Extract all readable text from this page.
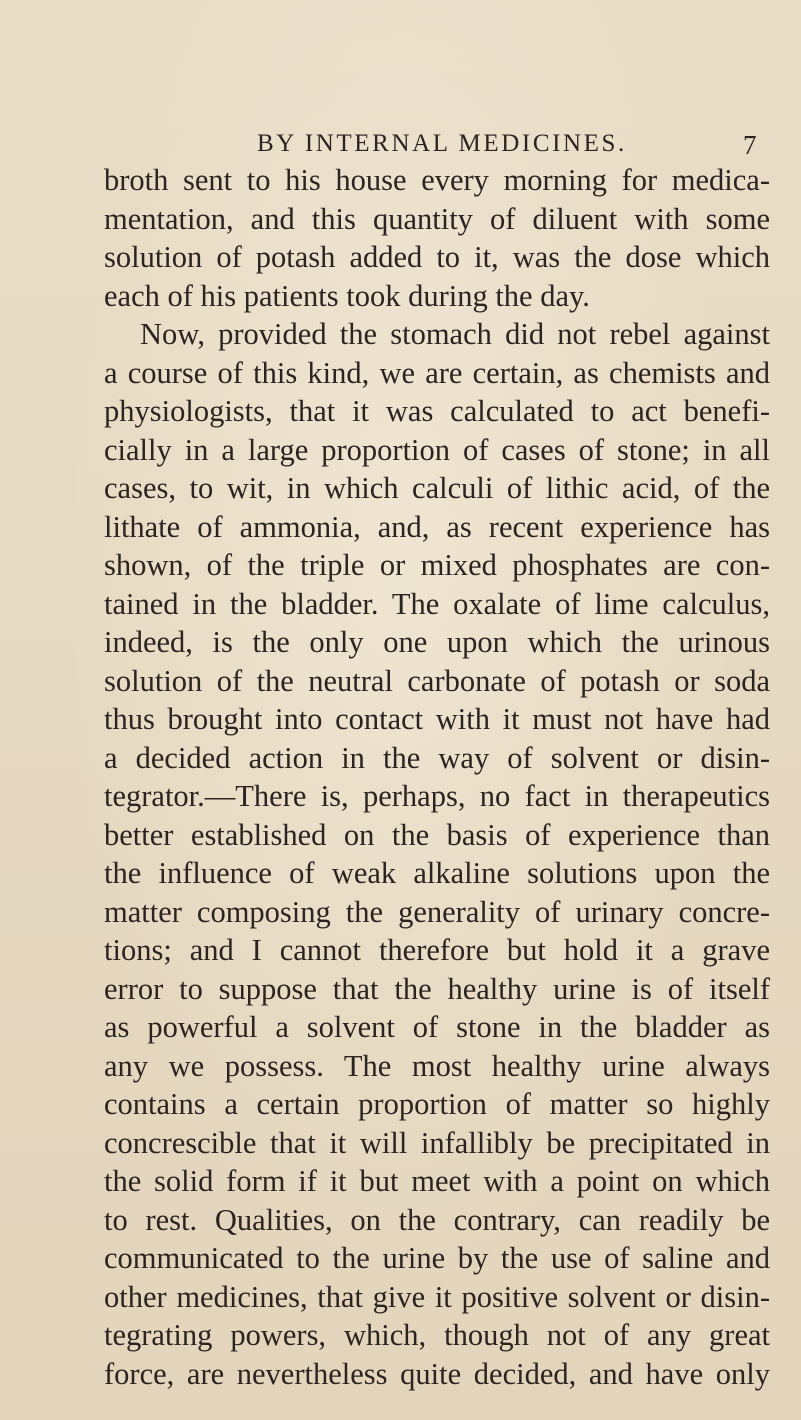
BY INTERNAL MEDICINES.	7
broth sent to his house every morning for medica-
mentation, and this quantity of diluent with some
solution of potash added to it, was the dose which
each of his patients took during the day.
Now, provided the stomach did not rebel against
a course of this kind, we are certain, as chemists and
physiologists, that it was calculated to act benefi-
cially in a large proportion of cases of stone; in all
cases, to wit, in which calculi of lithic acid, of the
lithate of ammonia, and, as recent experience has
shown, of the triple or mixed phosphates are con-
tained in the bladder. The oxalate of lime calculus,
indeed, is the only one upon which the urinous
solution of the neutral carbonate of potash or soda
thus brought into contact with it must not have had
a decided action in the way of solvent or disin-
tegrator.—There is, perhaps, no fact in therapeutics
better established on the basis of experience than
the influence of weak alkaline solutions upon the
matter composing the generality of urinary concre-
tions; and I cannot therefore but hold it a grave
error to suppose that the healthy urine is of itself
as powerful a solvent of stone in the bladder as
any we possess. The most healthy urine always
contains a certain proportion of matter so highly
concrescible that it will infallibly be precipitated in
the solid form if it but meet with a point on which
to rest. Qualities, on the contrary, can readily be
communicated to the urine by the use of saline and
other medicines, that give it positive solvent or disin-
tegrating powers, which, though not of any great
force, are nevertheless quite decided, and have only
